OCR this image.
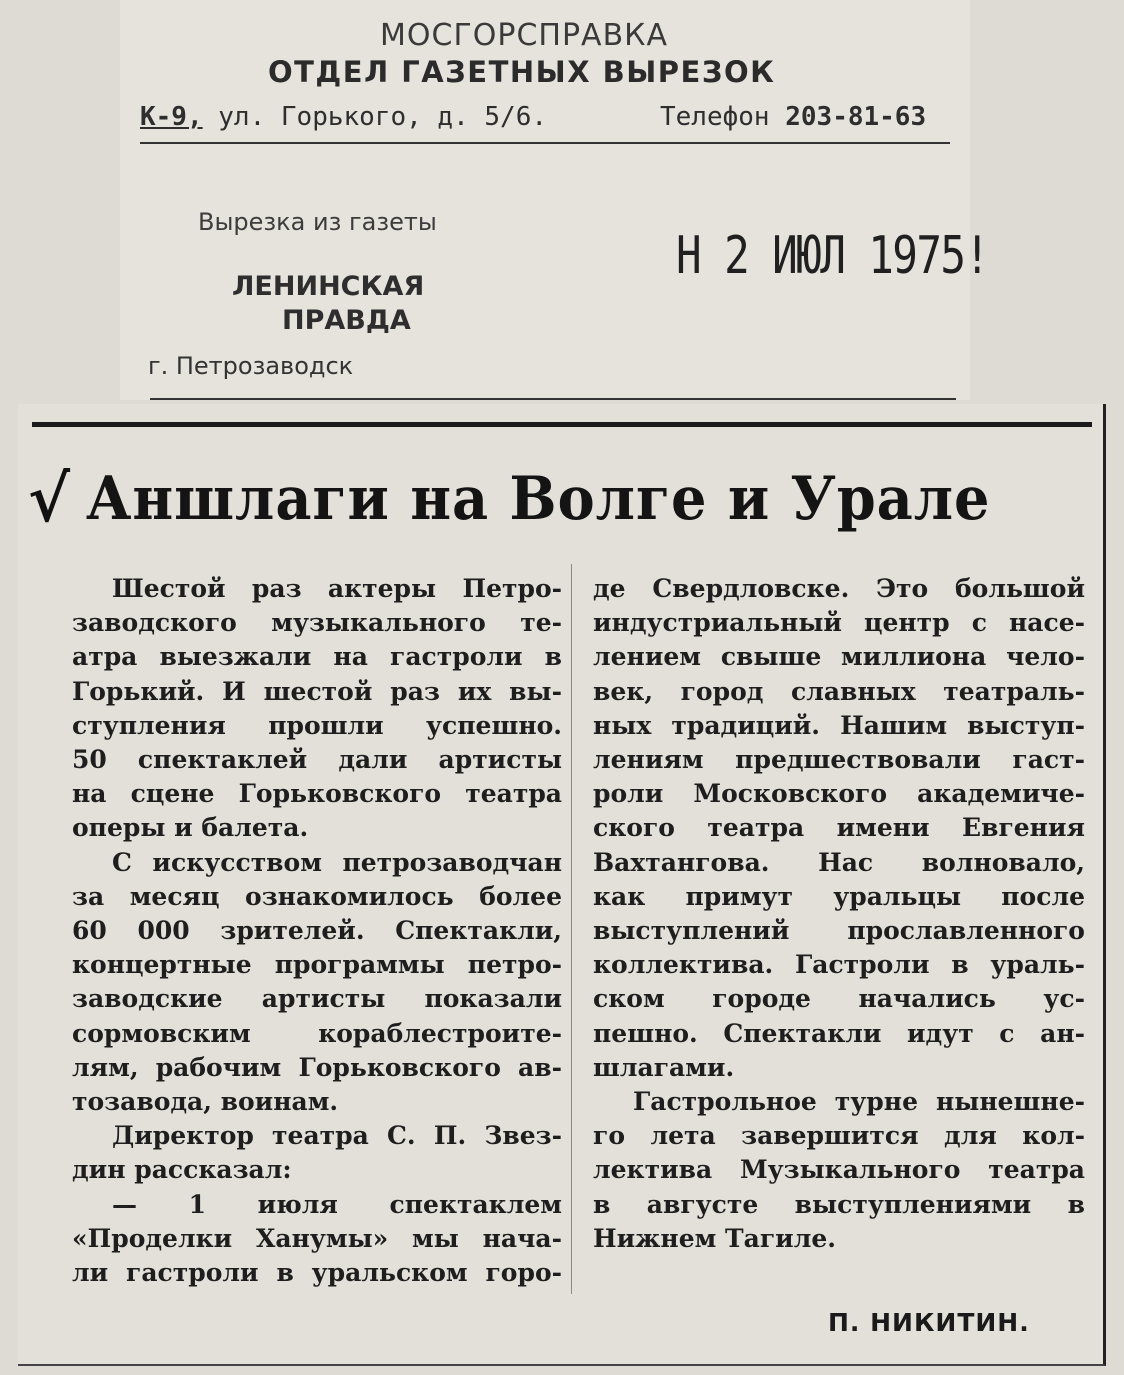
МОСГОРСПРАВКА
ОТДЕЛ ГАЗЕТНЫХ ВЫРЕЗОК
К-9, ул. Горького, д. 5/6.	Телефон 203-81-63
Вырезка из газеты
ЛЕНИНСКАЯ
ПРАВДА
Н 2 ИЮЛ 1975!
г. Петрозаводск
√ Аншлаги на Волге и Урале
Шестой раз актеры Петро-
заводского музыкального те-
атра выезжали на гастроли в
Горький. И шестой раз их вы-
ступления прошли успешно.
50 спектаклей дали артисты
на сцене Горьковского театра
оперы и балета.
С искусством петрозаводчан
за месяц ознакомилось более
60 000 зрителей. Спектакли,
концертные программы петро-
заводские артисты показали
сормовским кораблестроите-
лям, рабочим Горьковского ав-
тозавода, воинам.
Директор театра С. П. Звез-
дин рассказал:
— 1 июля спектаклем
«Проделки Ханумы» мы нача-
ли гастроли в уральском горо-
де Свердловске. Это большой
индустриальный центр с насе-
лением свыше миллиона чело-
век, город славных театраль-
ных традиций. Нашим выступ-
лениям предшествовали гаст-
роли Московского академиче-
ского театра имени Евгения
Вахтангова. Нас волновало,
как примут уральцы после
выступлений прославленного
коллектива. Гастроли в ураль-
ском городе начались ус-
пешно. Спектакли идут с ан-
шлагами.
Гастрольное турне нынешне-
го лета завершится для кол-
лектива Музыкального театра
в августе выступлениями в
Нижнем Тагиле.
П. НИКИТИН.
